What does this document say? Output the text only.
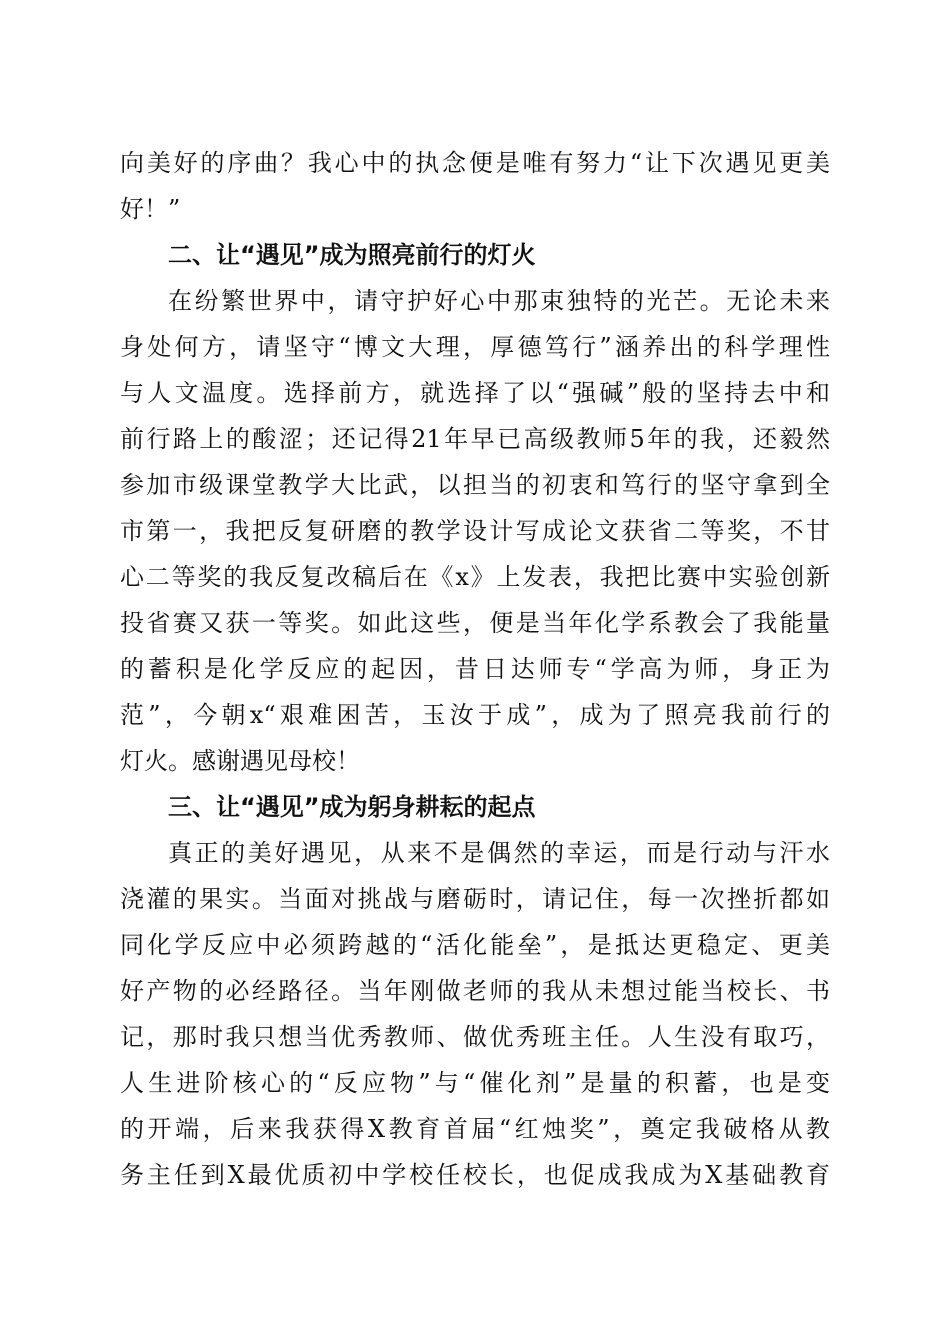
向美好的序曲？我心中的执念便是唯有努力“让下次遇见更美
好！”
二、让“遇见”成为照亮前行的灯火
在纷繁世界中，请守护好心中那束独特的光芒。无论未来
身处何方，请坚守“博文大理，厚德笃行”涵养出的科学理性
与人文温度。选择前方，就选择了以“强碱”般的坚持去中和
前行路上的酸涩；还记得21年早已高级教师5年的我，还毅然
参加市级课堂教学大比武，以担当的初衷和笃行的坚守拿到全
市第一，我把反复研磨的教学设计写成论文获省二等奖，不甘
心二等奖的我反复改稿后在《x》上发表，我把比赛中实验创新
投省赛又获一等奖。如此这些，便是当年化学系教会了我能量
的蓄积是化学反应的起因，昔日达师专“学高为师，身正为
范”，今朝x“艰难困苦，玉汝于成”，成为了照亮我前行的
灯火。感谢遇见母校！
三、让“遇见”成为躬身耕耘的起点
真正的美好遇见，从来不是偶然的幸运，而是行动与汗水
浇灌的果实。当面对挑战与磨砺时，请记住，每一次挫折都如
同化学反应中必须跨越的“活化能垒”，是抵达更稳定、更美
好产物的必经路径。当年刚做老师的我从未想过能当校长、书
记，那时我只想当优秀教师、做优秀班主任。人生没有取巧，
人生进阶核心的“反应物”与“催化剂”是量的积蓄，也是变
的开端，后来我获得X教育首届“红烛奖”，奠定我破格从教
务主任到X最优质初中学校任校长，也促成我成为X基础教育
